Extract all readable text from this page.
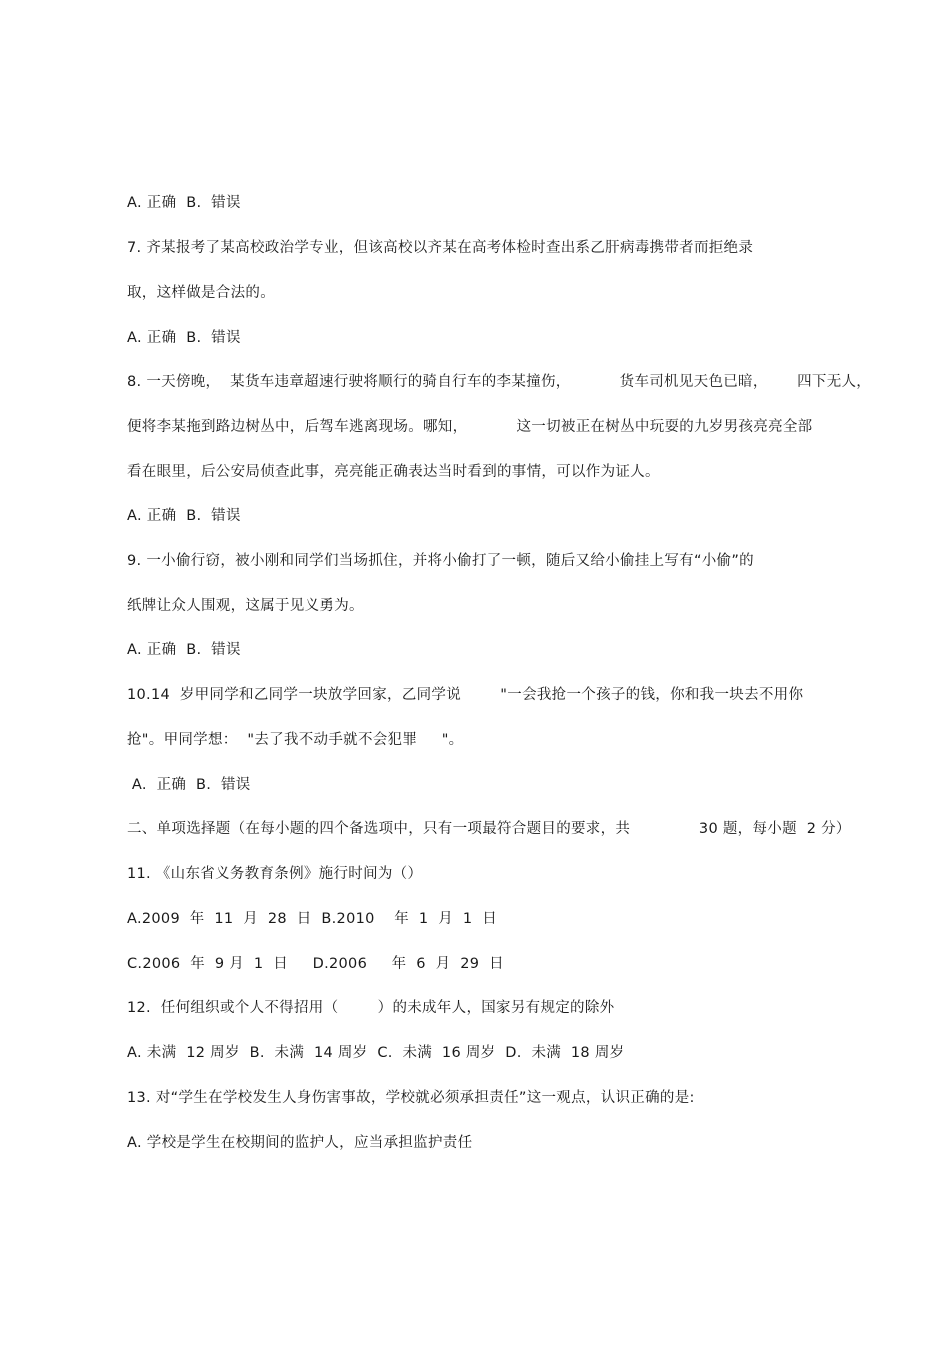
A. 正确  B.  错误
7. 齐某报考了某高校政治学专业，但该高校以齐某在高考体检时查出系乙肝病毒携带者而拒绝录
取，这样做是合法的。
A. 正确  B.  错误
8. 一天傍晚，  某货车违章超速行驶将顺行的骑自行车的李某撞伤，          货车司机见天色已暗，      四下无人，
便将李某拖到路边树丛中，后驾车逃离现场。哪知，          这一切被正在树丛中玩耍的九岁男孩亮亮全部
看在眼里，后公安局侦查此事，亮亮能正确表达当时看到的事情，可以作为证人。
A. 正确  B.  错误
9. 一小偷行窃，被小刚和同学们当场抓住，并将小偷打了一顿，随后又给小偷挂上写有“小偷”的
纸牌让众人围观，这属于见义勇为。
A. 正确  B.  错误
10.14  岁甲同学和乙同学一块放学回家，乙同学说        "一会我抢一个孩子的钱，你和我一块去不用你
抢"。甲同学想：  "去了我不动手就不会犯罪     "。
A.  正确  B.  错误
二、单项选择题（在每小题的四个备选项中，只有一项最符合题目的要求，共              30 题，每小题  2 分）
11. 《山东省义务教育条例》施行时间为（）
A.2009  年  11  月  28  日  B.2010    年  1  月  1  日
C.2006  年  9 月  1  日     D.2006     年  6  月  29  日
12.  任何组织或个人不得招用（        ）的未成年人，国家另有规定的除外
A. 未满  12 周岁  B.  未满  14 周岁  C.  未满  16 周岁  D.  未满  18 周岁
13. 对“学生在学校发生人身伤害事故，学校就必须承担责任”这一观点，认识正确的是:
A. 学校是学生在校期间的监护人，应当承担监护责任
